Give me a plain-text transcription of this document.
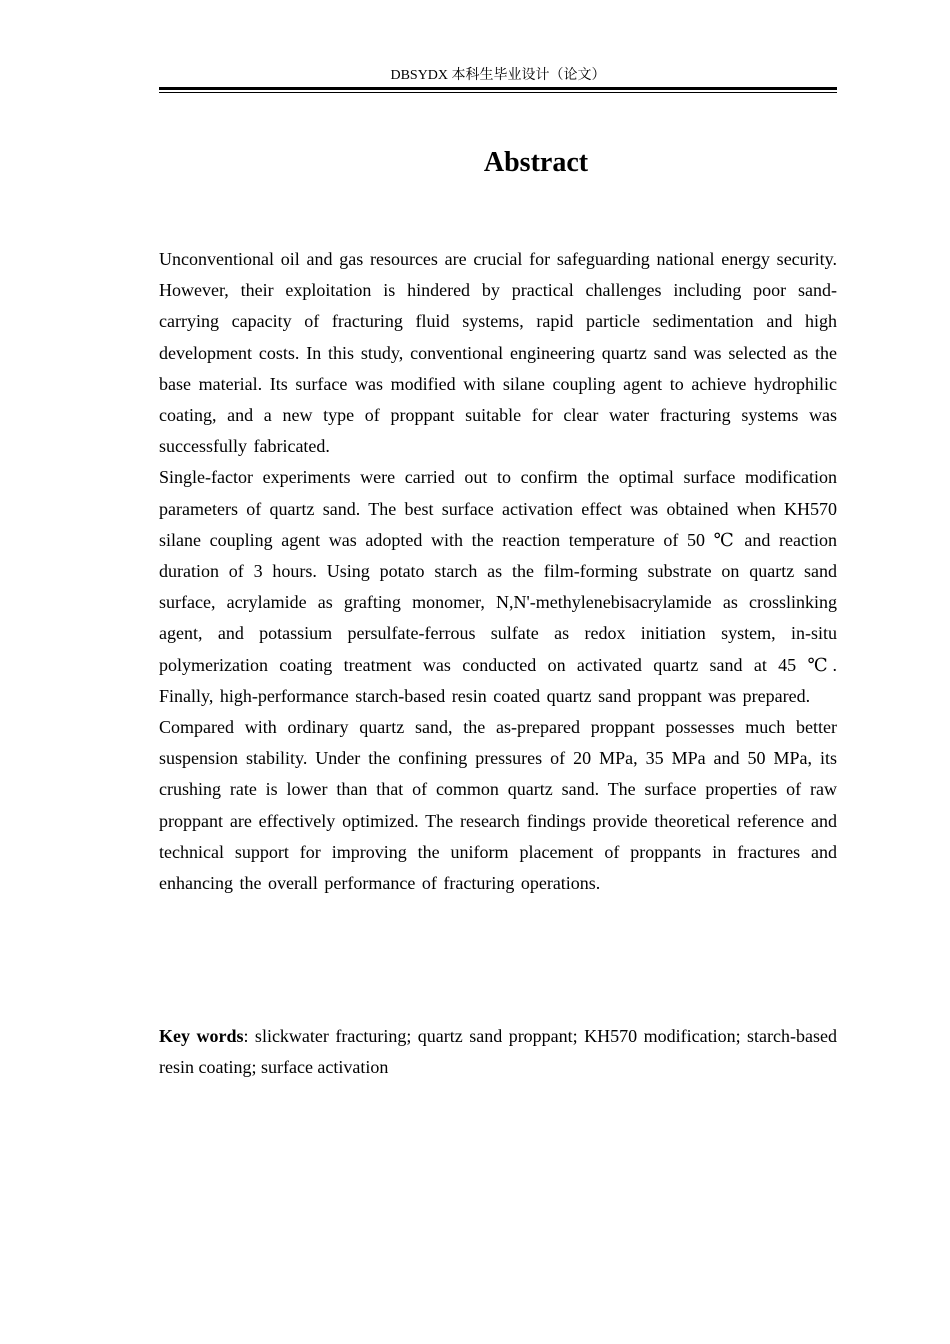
DBSYDX 本科生毕业设计（论文）
Abstract

Unconventional oil and gas resources are crucial for safeguarding national energy security. However, their exploitation is hindered by practical challenges including poor sand-carrying capacity of fracturing fluid systems, rapid particle sedimentation and high development costs. In this study, conventional engineering quartz sand was selected as the base material. Its surface was modified with silane coupling agent to achieve hydrophilic coating, and a new type of proppant suitable for clear water fracturing systems was successfully fabricated.

Single-factor experiments were carried out to confirm the optimal surface modification parameters of quartz sand. The best surface activation effect was obtained when KH570 silane coupling agent was adopted with the reaction temperature of 50 ℃ and reaction duration of 3 hours. Using potato starch as the film-forming substrate on quartz sand surface, acrylamide as grafting monomer, N,N'-methylenebisacrylamide as crosslinking agent, and potassium persulfate-ferrous sulfate as redox initiation system, in-situ polymerization coating treatment was conducted on activated quartz sand at 45 ℃. Finally, high-performance starch-based resin coated quartz sand proppant was prepared.

Compared with ordinary quartz sand, the as-prepared proppant possesses much better suspension stability. Under the confining pressures of 20 MPa, 35 MPa and 50 MPa, its crushing rate is lower than that of common quartz sand. The surface properties of raw proppant are effectively optimized. The research findings provide theoretical reference and technical support for improving the uniform placement of proppants in fractures and enhancing the overall performance of fracturing operations.

Key words: slickwater fracturing; quartz sand proppant; KH570 modification; starch-based resin coating; surface activation
